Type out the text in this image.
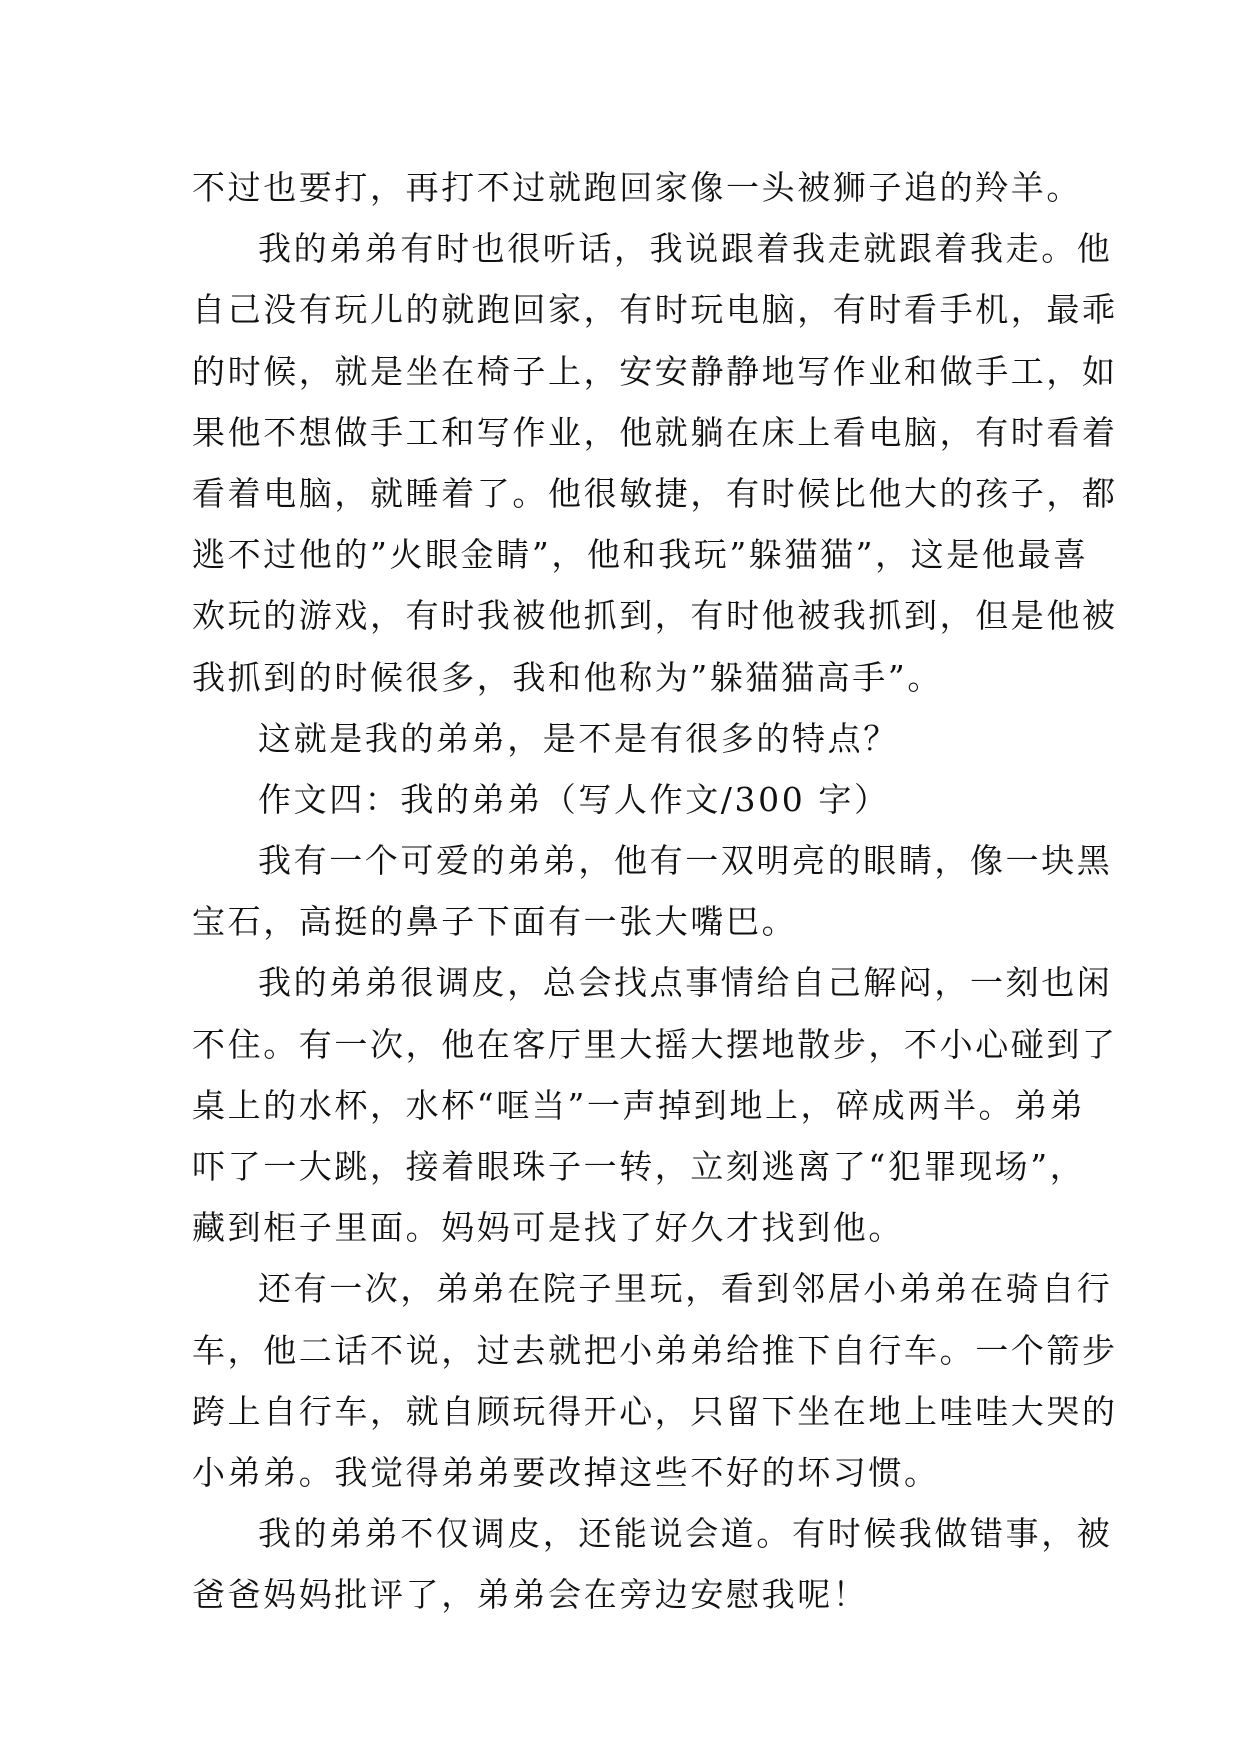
不过也要打，再打不过就跑回家像一头被狮子追的羚羊。
我的弟弟有时也很听话，我说跟着我走就跟着我走。他
自己没有玩儿的就跑回家，有时玩电脑，有时看手机，最乖
的时候，就是坐在椅子上，安安静静地写作业和做手工，如
果他不想做手工和写作业，他就躺在床上看电脑，有时看着
看着电脑，就睡着了。他很敏捷，有时候比他大的孩子，都
逃不过他的”火眼金睛”，他和我玩”躲猫猫”，这是他最喜
欢玩的游戏，有时我被他抓到，有时他被我抓到，但是他被
我抓到的时候很多，我和他称为”躲猫猫高手”。
这就是我的弟弟，是不是有很多的特点？
作文四：我的弟弟（写人作文/300 字）
我有一个可爱的弟弟，他有一双明亮的眼睛，像一块黑
宝石，高挺的鼻子下面有一张大嘴巴。
我的弟弟很调皮，总会找点事情给自己解闷，一刻也闲
不住。有一次，他在客厅里大摇大摆地散步，不小心碰到了
桌上的水杯，水杯“哐当”一声掉到地上，碎成两半。弟弟
吓了一大跳，接着眼珠子一转，立刻逃离了“犯罪现场”，
藏到柜子里面。妈妈可是找了好久才找到他。
还有一次，弟弟在院子里玩，看到邻居小弟弟在骑自行
车，他二话不说，过去就把小弟弟给推下自行车。一个箭步
跨上自行车，就自顾玩得开心，只留下坐在地上哇哇大哭的
小弟弟。我觉得弟弟要改掉这些不好的坏习惯。
我的弟弟不仅调皮，还能说会道。有时候我做错事，被
爸爸妈妈批评了，弟弟会在旁边安慰我呢！
